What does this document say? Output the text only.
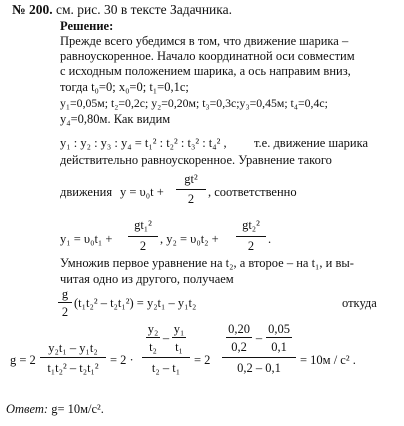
№ 200. см. рис. 30 в тексте Задачника.
Решение:
Прежде всего убедимся в том, что движение шарика –
равноускоренное. Начало координатной оси совместим
с исходным положением шарика, а ось направим вниз,
тогда t₀=0; x₀=0; t₁=0,1с;
y₁=0,05м; t₂=0,2с; y₂=0,20м; t₃=0,3с;y₃=0,45м; t₄=0,4с;
y₄=0,80м. Как видим
y₁ : y₂ : y₃ : y₄ = t₁² : t₂² : t₃² : t₄² , т.е. движение шарика
действительно равноускоренное. Уравнение такого
движения y = υ₀t +
gt²
2	, соответственно
y₁ = υ₀t₁ +
gt₁²
2	, y₂ = υ₀t₂ +
gt₂²
2	.
Умножив первое уравнение на t₂, а второе – на t₁, и вы-
читая одно из другого, получаем
g
2
(t₁t₂² – t₂t₁²) = y₂t₁ – y₁t₂	откуда
g = 2
y₂t₁ – y₁t₂
t₁t₂² – t₂t₁²
= 2 ·
y₂
t₂
–
y₁
t₁
t₂ – t₁
= 2
0,20
0,2
–
0,05
0,1
0,2 – 0,1
= 10м / с² .
Ответ: g= 10м/с².
